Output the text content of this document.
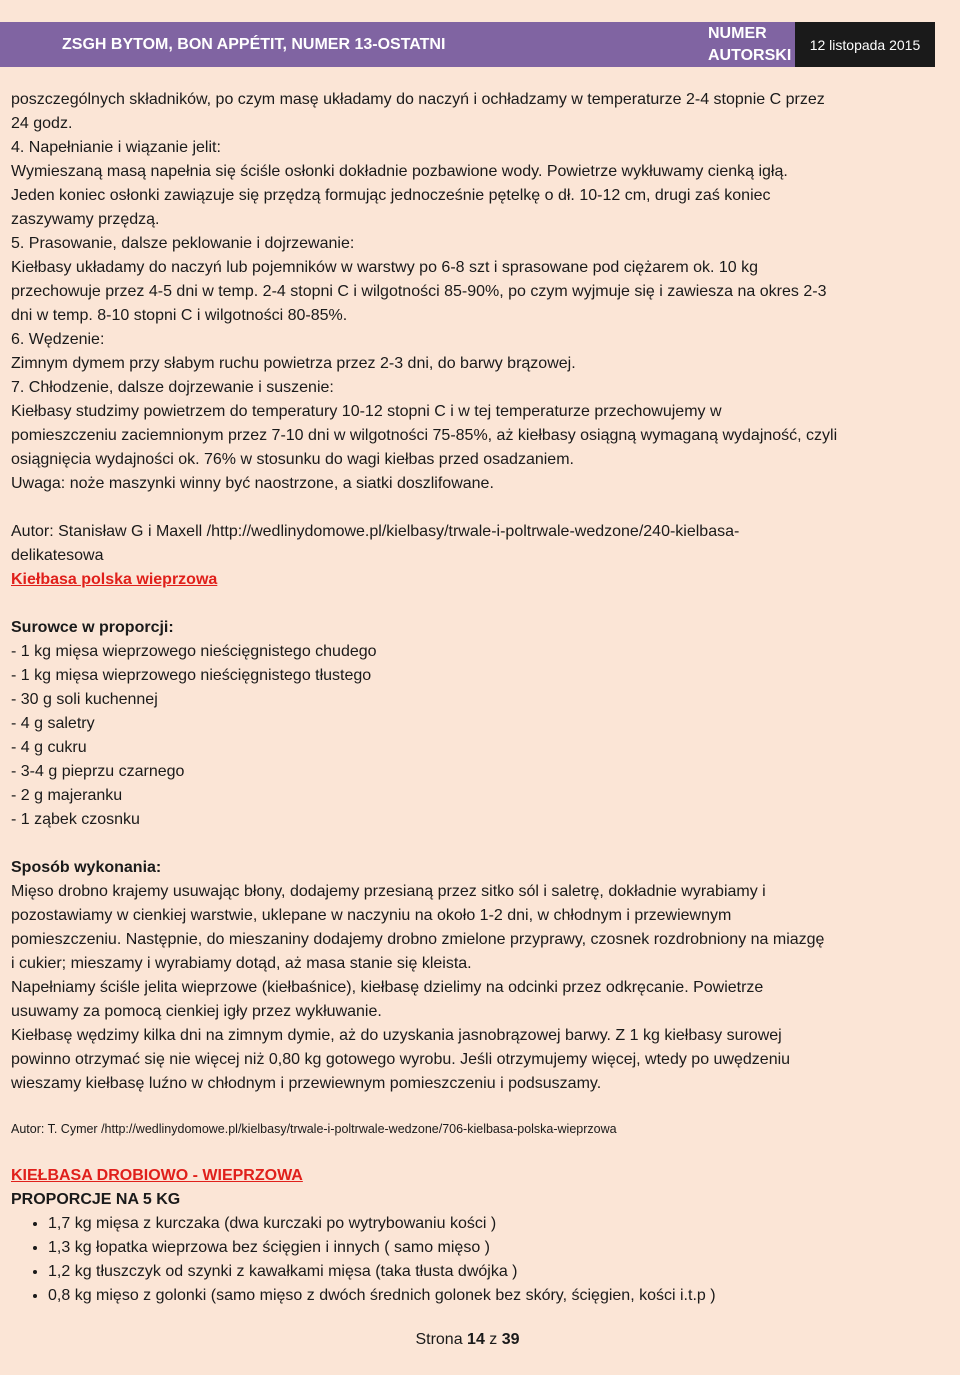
ZSGH BYTOM, BON APPÉTIT, NUMER 13-OSTATNI
NUMER
AUTORSKI
12 listopada 2015

poszczególnych składników, po czym masę układamy do naczyń i ochładzamy w temperaturze 2-4 stopnie C przez

24 godz.

4. Napełnianie i wiązanie jelit:

Wymieszaną masą napełnia się ściśle osłonki dokładnie pozbawione wody. Powietrze wykłuwamy cienką igłą.

Jeden koniec osłonki zawiązuje się przędzą formując jednocześnie pętelkę o dł. 10-12 cm, drugi zaś koniec

zaszywamy przędzą.

5. Prasowanie, dalsze peklowanie i dojrzewanie:

Kiełbasy układamy do naczyń lub pojemników w warstwy po 6-8 szt i sprasowane pod ciężarem ok. 10 kg

przechowuje przez 4-5 dni w temp. 2-4 stopni C i wilgotności 85-90%, po czym wyjmuje się i zawiesza na okres 2-3

dni w temp. 8-10 stopni C i wilgotności 80-85%.

6. Wędzenie:

Zimnym dymem przy słabym ruchu powietrza przez 2-3 dni, do barwy brązowej.

7. Chłodzenie, dalsze dojrzewanie i suszenie:

Kiełbasy studzimy powietrzem do temperatury 10-12 stopni C i w tej temperaturze przechowujemy w

pomieszczeniu zaciemnionym przez 7-10 dni w wilgotności 75-85%, aż kiełbasy osiągną wymaganą wydajność, czyli

osiągnięcia wydajności ok. 76% w stosunku do wagi kiełbas przed osadzaniem.

Uwaga: noże maszynki winny być naostrzone, a siatki doszlifowane.

Autor: Stanisław G i Maxell /http://wedlinydomowe.pl/kielbasy/trwale-i-poltrwale-wedzone/240-kielbasa-

delikatesowa

Kiełbasa polska wieprzowa

Surowce w proporcji:

- 1 kg mięsa wieprzowego nieścięgnistego chudego

- 1 kg mięsa wieprzowego nieścięgnistego tłustego

- 30 g soli kuchennej

- 4 g saletry

- 4 g cukru

- 3-4 g pieprzu czarnego

- 2 g majeranku

- 1 ząbek czosnku

Sposób wykonania:

Mięso drobno krajemy usuwając błony, dodajemy przesianą przez sitko sól i saletrę, dokładnie wyrabiamy i

pozostawiamy w cienkiej warstwie, uklepane w naczyniu na około 1-2 dni, w chłodnym i przewiewnym

pomieszczeniu. Następnie, do mieszaniny dodajemy drobno zmielone przyprawy, czosnek rozdrobniony na miazgę

i cukier; mieszamy i wyrabiamy dotąd, aż masa stanie się kleista.

Napełniamy ściśle jelita wieprzowe (kiełbaśnice), kiełbasę dzielimy na odcinki przez odkręcanie. Powietrze

usuwamy za pomocą cienkiej igły przez wykłuwanie.

Kiełbasę wędzimy kilka dni na zimnym dymie, aż do uzyskania jasnobrązowej barwy. Z 1 kg kiełbasy surowej

powinno otrzymać się nie więcej niż 0,80 kg gotowego wyrobu. Jeśli otrzymujemy więcej, wtedy po uwędzeniu

wieszamy kiełbasę luźno w chłodnym i przewiewnym pomieszczeniu i podsuszamy.

Autor: T. Cymer /http://wedlinydomowe.pl/kielbasy/trwale-i-poltrwale-wedzone/706-kielbasa-polska-wieprzowa

KIEŁBASA DROBIOWO - WIEPRZOWA

PROPORCJE NA 5 KG

• 1,7 kg mięsa z kurczaka (dwa kurczaki po wytrybowaniu kości )
• 1,3 kg łopatka wieprzowa bez ścięgien i innych ( samo mięso )
• 1,2 kg tłuszczyk od szynki z kawałkami mięsa (taka tłusta dwójka )
• 0,8 kg mięso z golonki (samo mięso z dwóch średnich golonek bez skóry, ścięgien, kości i.t.p )
Strona 14 z 39
